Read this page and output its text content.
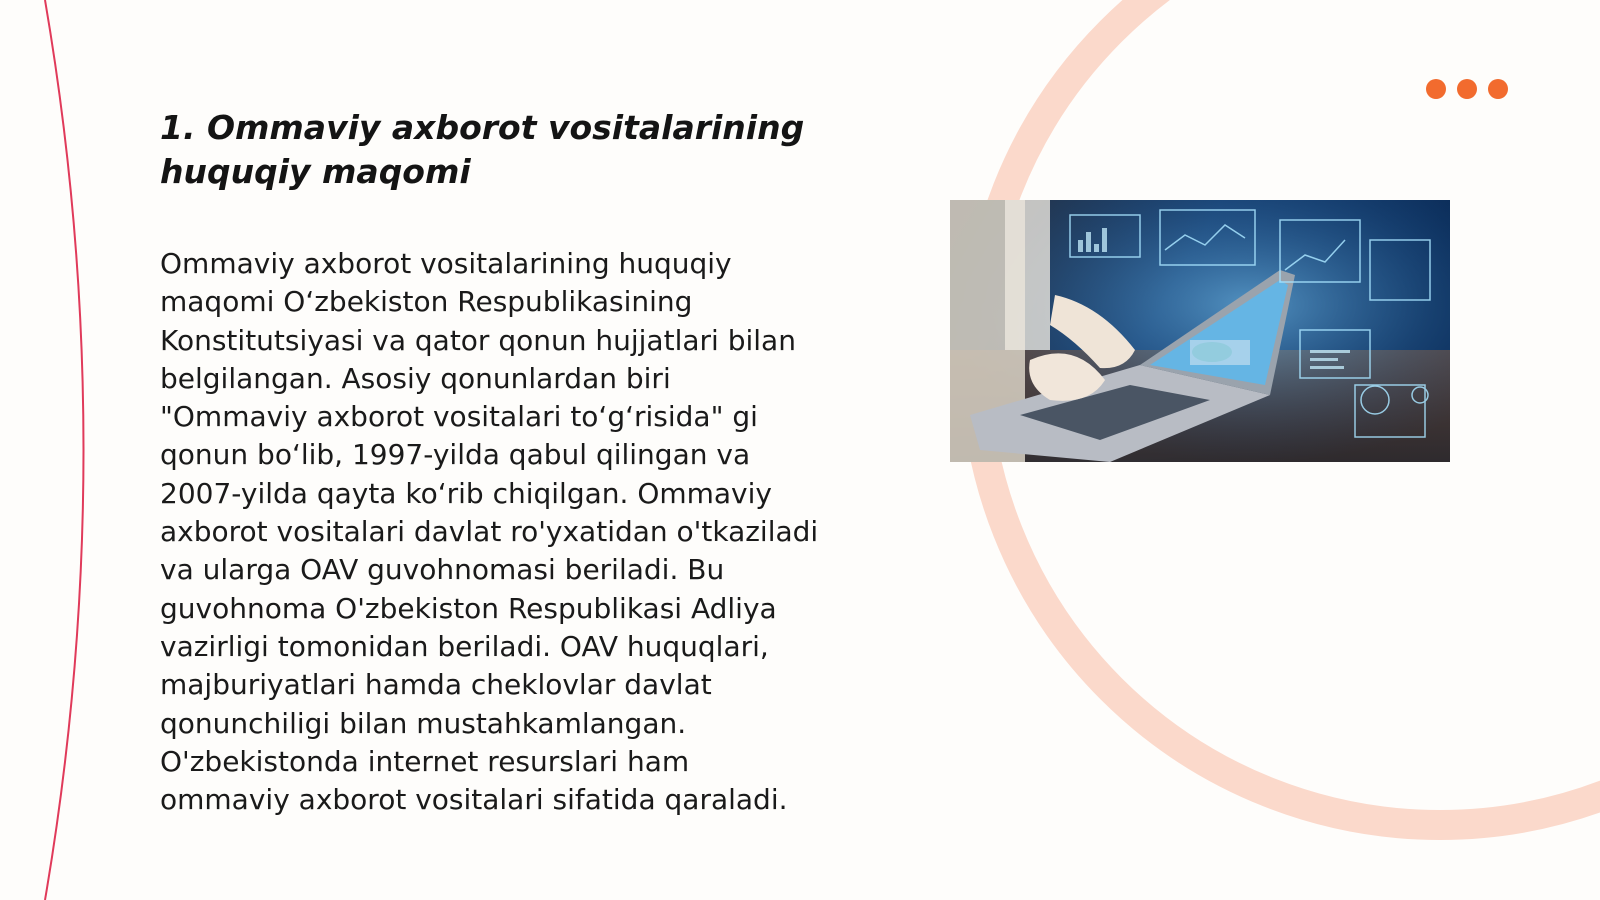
1. Ommaviy axborot vositalarining huquqiy maqomi

Ommaviy axborot vositalarining huquqiy maqomi O‘zbekiston Respublikasining Konstitutsiyasi va qator qonun hujjatlari bilan belgilangan. Asosiy qonunlardan biri "Ommaviy axborot vositalari to‘g‘risida" gi qonun bo‘lib, 1997-yilda qabul qilingan va 2007-yilda qayta ko‘rib chiqilgan. Ommaviy axborot vositalari davlat ro'yxatidan o'tkaziladi va ularga OAV guvohnomasi beriladi. Bu guvohnoma O'zbekiston Respublikasi Adliya vazirligi tomonidan beriladi. OAV huquqlari, majburiyatlari hamda cheklovlar davlat qonunchiligi bilan mustahkamlangan. O'zbekistonda internet resurslari ham ommaviy axborot vositalari sifatida qaraladi.
